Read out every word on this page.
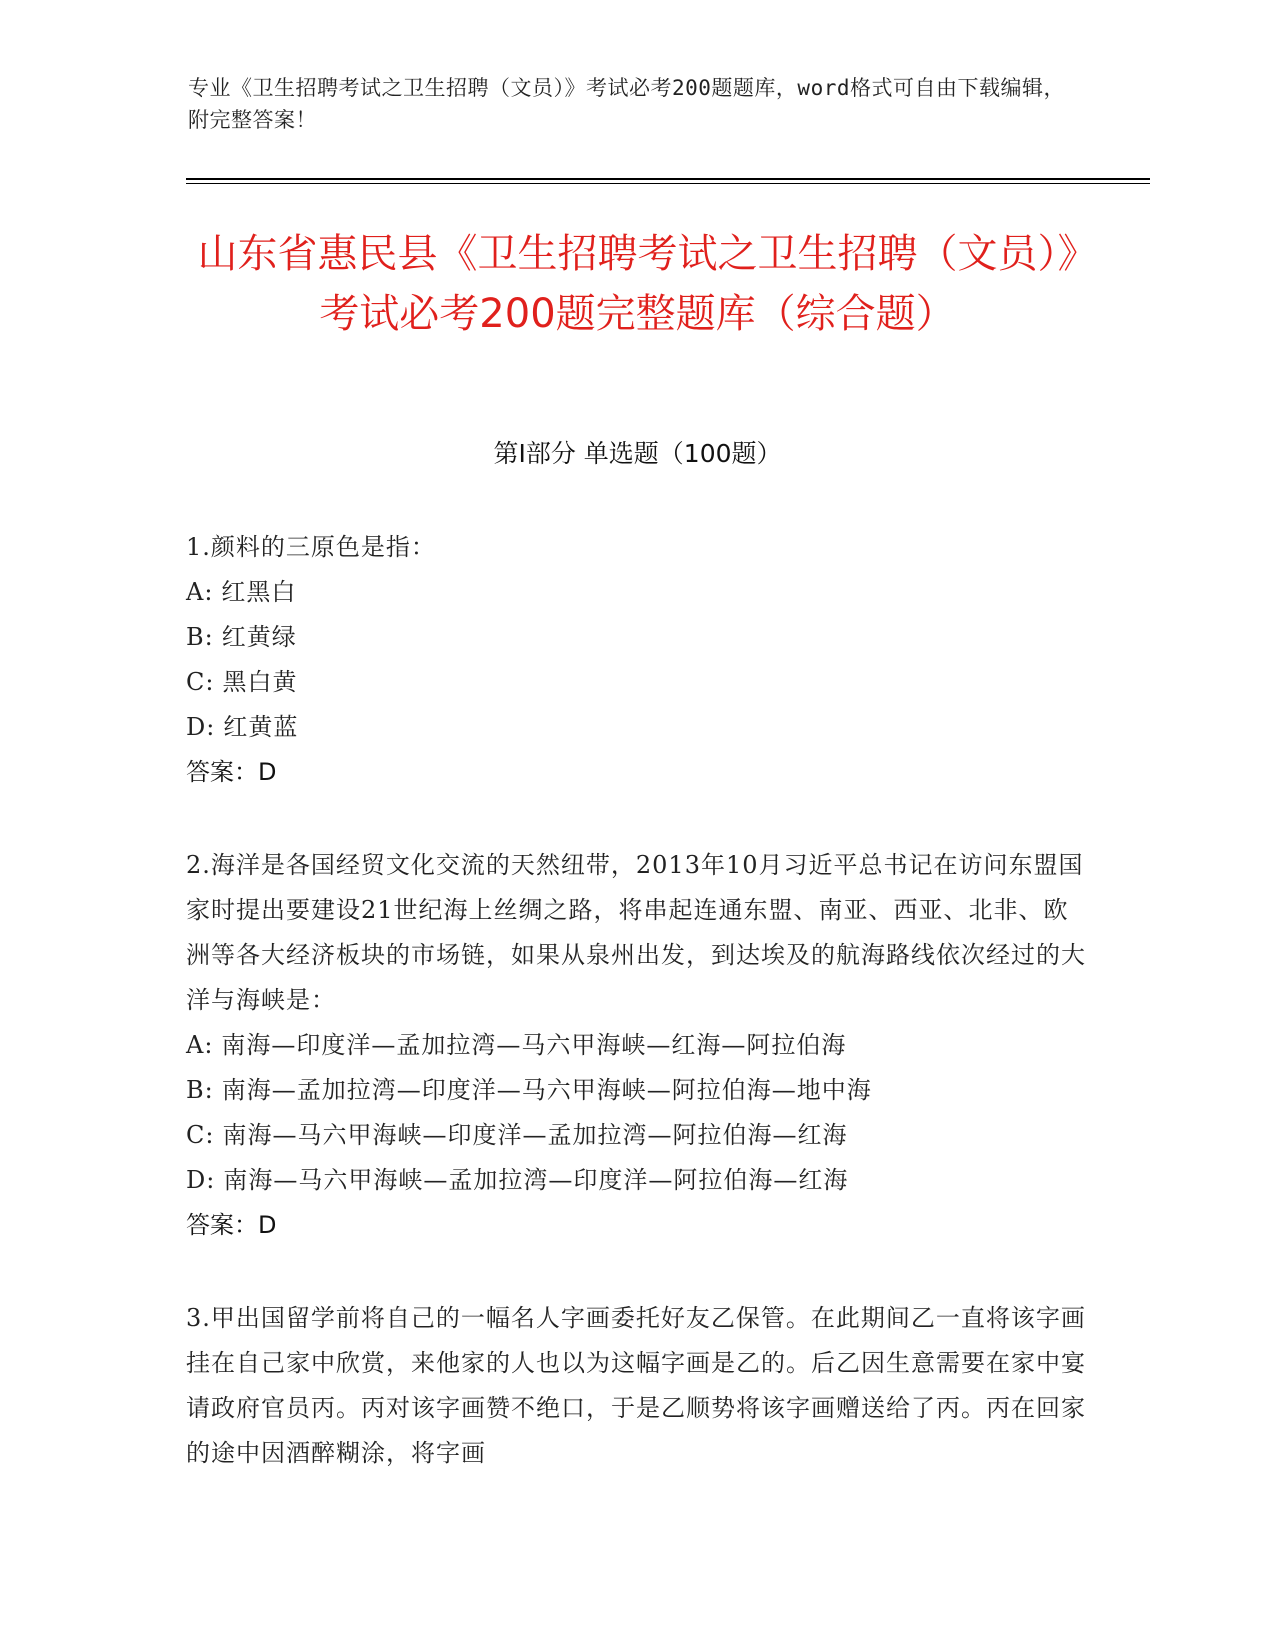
专业《卫生招聘考试之卫生招聘（文员）》考试必考200题题库，word格式可自由下载编辑，附完整答案！
山东省惠民县《卫生招聘考试之卫生招聘（文员）》考试必考200题完整题库（综合题）
第Ⅰ部分 单选题（100题）
1.颜料的三原色是指：
A: 红黑白
B: 红黄绿
C: 黑白黄
D: 红黄蓝
答案：D
2.海洋是各国经贸文化交流的天然纽带，2013年10月习近平总书记在访问东盟国家时提出要建设21世纪海上丝绸之路，将串起连通东盟、南亚、西亚、北非、欧洲等各大经济板块的市场链，如果从泉州出发，到达埃及的航海路线依次经过的大洋与海峡是：
A: 南海—印度洋—孟加拉湾—马六甲海峡—红海—阿拉伯海
B: 南海—孟加拉湾—印度洋—马六甲海峡—阿拉伯海—地中海
C: 南海—马六甲海峡—印度洋—孟加拉湾—阿拉伯海—红海
D: 南海—马六甲海峡—孟加拉湾—印度洋—阿拉伯海—红海
答案：D
3.甲出国留学前将自己的一幅名人字画委托好友乙保管。在此期间乙一直将该字画挂在自己家中欣赏，来他家的人也以为这幅字画是乙的。后乙因生意需要在家中宴请政府官员丙。丙对该字画赞不绝口，于是乙顺势将该字画赠送给了丙。丙在回家的途中因酒醉糊涂，将字画
